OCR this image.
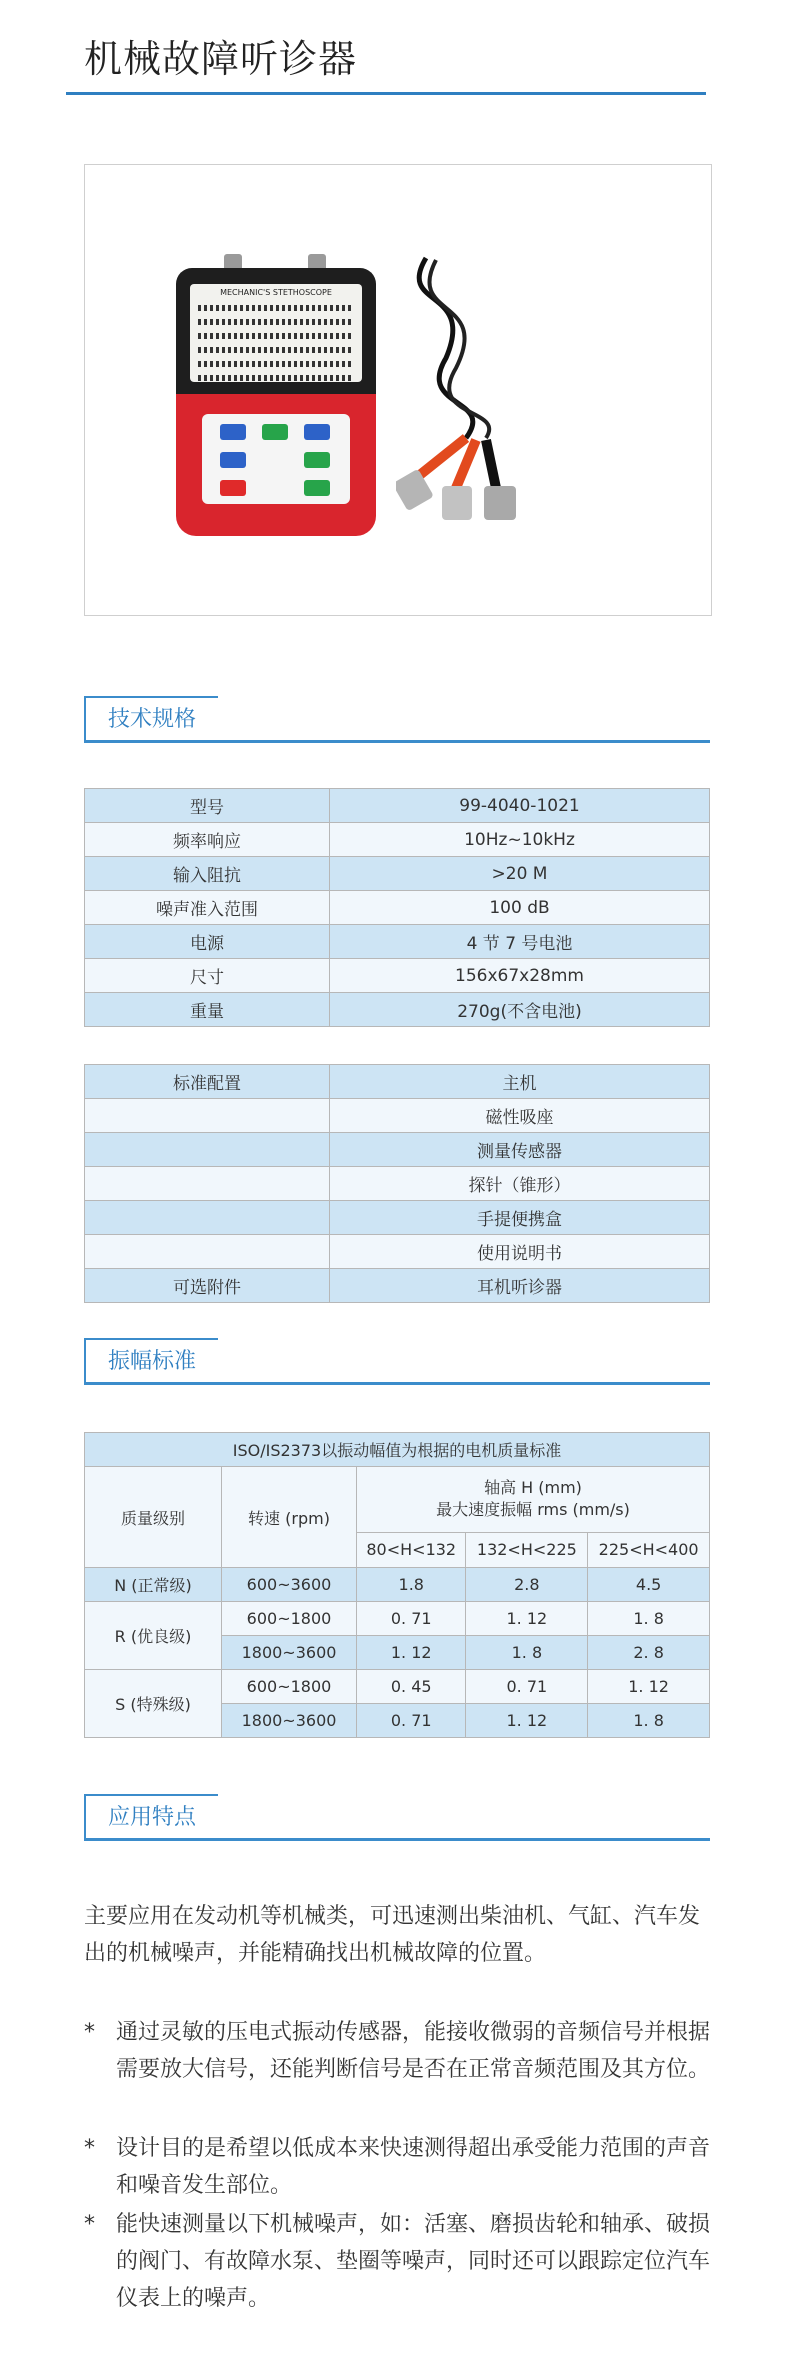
机械故障听诊器
MECHANIC'S STETHOSCOPE
技术规格
型号	99-4040-1021
频率响应	10Hz~10kHz
输入阻抗	>20 M
噪声准入范围	100 dB
电源	4 节 7 号电池
尺寸	156x67x28mm
重量	270g(不含电池)
标准配置	主机
	磁性吸座
	测量传感器
	探针（锥形）
	手提便携盒
	使用说明书
可选附件	耳机听诊器
振幅标准
ISO/IS2373以振动幅值为根据的电机质量标准				
质量级别	转速 (rpm)	轴高 H (mm)
最大速度振幅 rms (mm/s)		

		80<H<132	132<H<225	225<H<400
N (正常级)	600~3600	1.8	2.8	4.5
R (优良级)	600~1800	0. 71	1. 12	1. 8
	1800~3600	1. 12	1. 8	2. 8
S (特殊级)	600~1800	0. 45	0. 71	1. 12
	1800~3600	0. 71	1. 12	1. 8
应用特点
主要应用在发动机等机械类，可迅速测出柴油机、气缸、汽车发出的机械噪声，并能精确找出机械故障的位置。
* 通过灵敏的压电式振动传感器，能接收微弱的音频信号并根据需要放大信号，还能判断信号是否在正常音频范围及其方位。
* 设计目的是希望以低成本来快速测得超出承受能力范围的声音和噪音发生部位。
* 能快速测量以下机械噪声，如：活塞、磨损齿轮和轴承、破损的阀门、有故障水泵、垫圈等噪声，同时还可以跟踪定位汽车仪表上的噪声。
